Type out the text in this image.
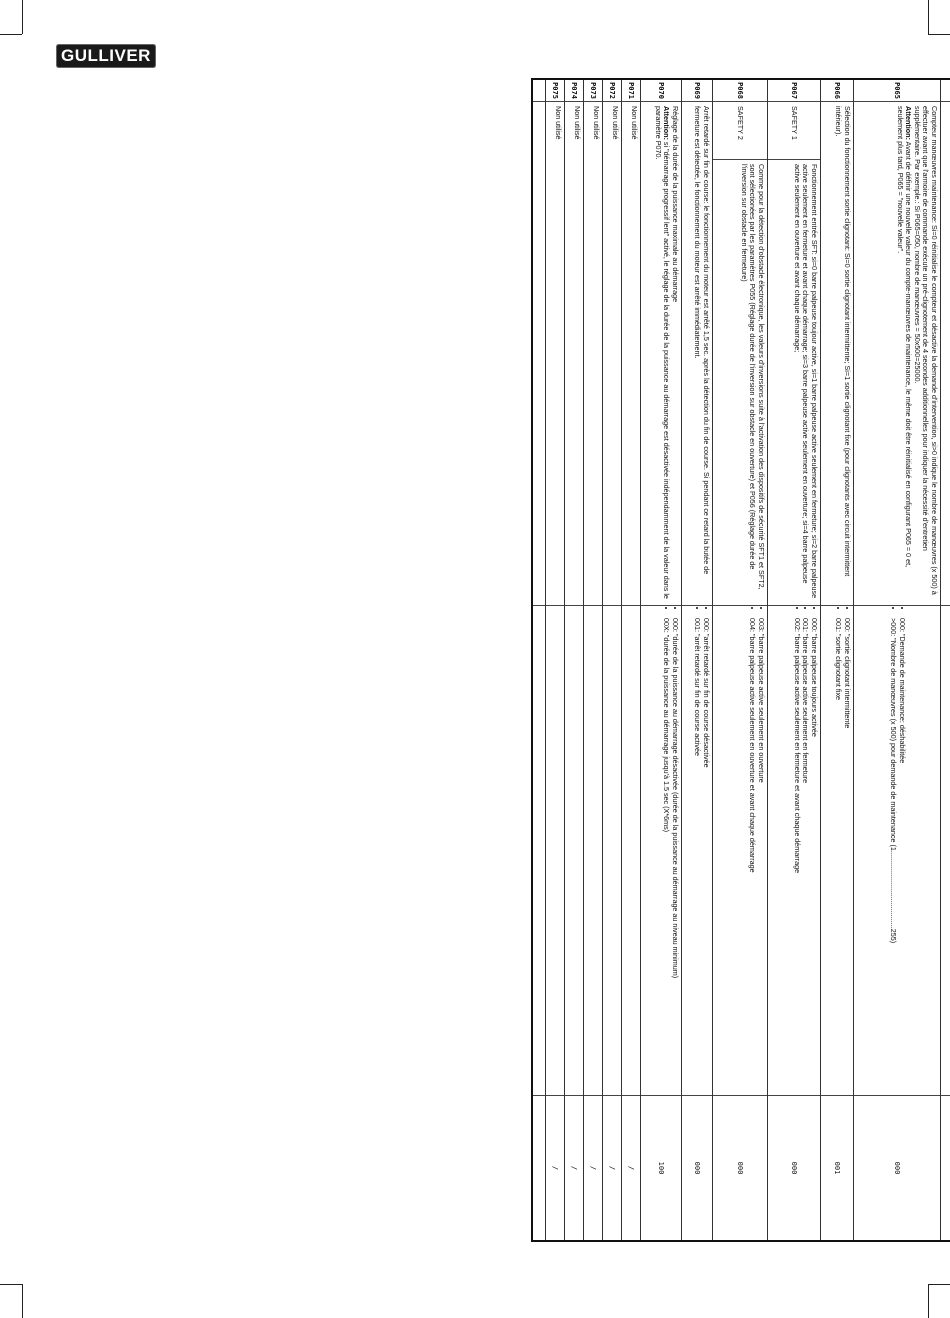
GULLIVER
P065
Compteur manœuvres maintenance: Si=0 réinitialise le compteur et désactive la demande d'intervention, si>0 indique le nombre de manœuvres (x 500) à effectuer avant que l'armoire de commande exécute un pré-clignotement de 4 secondes additionnelles pour indiquer la nécessité d'entretien supplémentaire. Par exemple.: Si P065=050, nombre de manœuvres = 50x500=25000.
Attention: Avant de définir une nouvelle valeur du compte-manœuvres de maintenance, le même doit être réinitialisé en configurant P065 = 0 et, seulement plus tard, P065 = "nouvelle valeur".
• 000: "Demande de maintenance: déshabilitée
• >000: "Nombre de manœuvres (x 500) pour demande de maintenance (1.......................................255)
000
P066
Sélection du fonctionnement sortie clignotant: Si=0 sortie clignotant intermittente; Si=1 sortie clignotant fixe (pour clignotants avec circuit intermittent intérieur).
• 000: "sortie clignotant intermittente
• 001: "sortie clignotant fixe
001
P067
SAFETY 1
Fonctionnement entrée SFT: si=0 barre palpeuse toujour active, si=1 barre palpeuse active seulement en fermeture; si=2 barre palpeuse active seulement en fermeture et avant chaque démarrage; si=3 barre palpeuse active seulement en ouverture; si=4 barre palpeuse active seulement en ouverture et avant chaque démarrage;
• 000: "barre palpeuse toujours activée
• 001: "barre palpeuse active seulement en fermeture
• 002: "barre palpeuse active seulement en fermeture et avant chaque démarrage
000
P068
SAFETY 2
Comme pour la détection d'obstacle électronique, les valeurs d'inversions suite à l'activation des dispositifs de sécurité SFT1 et SFT2, sont sélectionées par les paramètres P055 (Réglage durée de l'inversion sur obstacle en ouverture) et P056 (Réglage durée de l'inversion sur obstacle en fermeture)
• 003: "barre palpeuse active seulement en ouverture
• 004: "barre palpeuse active seulement en ouverture et avant chaque démarrage
000
P069
Arrêt retardé sur fin de course: le fonctionnement du moteur est arrêté 1,5 sec. après la détection du fin de course. Si pendant ce retard la butée de fermeture est détectée, le fonctionnement du moteur est arrêté immédiatement.
• 000: "arrêt retardé sur fin de course désactivée
• 001: "arrêt retardé sur fin de course activée
000
P070
Réglage de la durée de la puissance maximale au démarrage
Attention: si "démarrage progressif lent" activé, le réglage de la durée de la puissance au démarrage est désactivée indépendamment de la valeur dans le paramètre P070.
• 000: "durée de la puissance au démarrage désactivée (durée de la puissance au démarrage au niveau minimum)
• 00X: "durée de la puissance au démarrage jusqu'à 1.5 sec (X*6ms)
100
P071
Non utilisé
/
P072
Non utilisé
/
P073
Non utilisé
/
P074
Non utilisé
/
P075
Non utilisé
/
